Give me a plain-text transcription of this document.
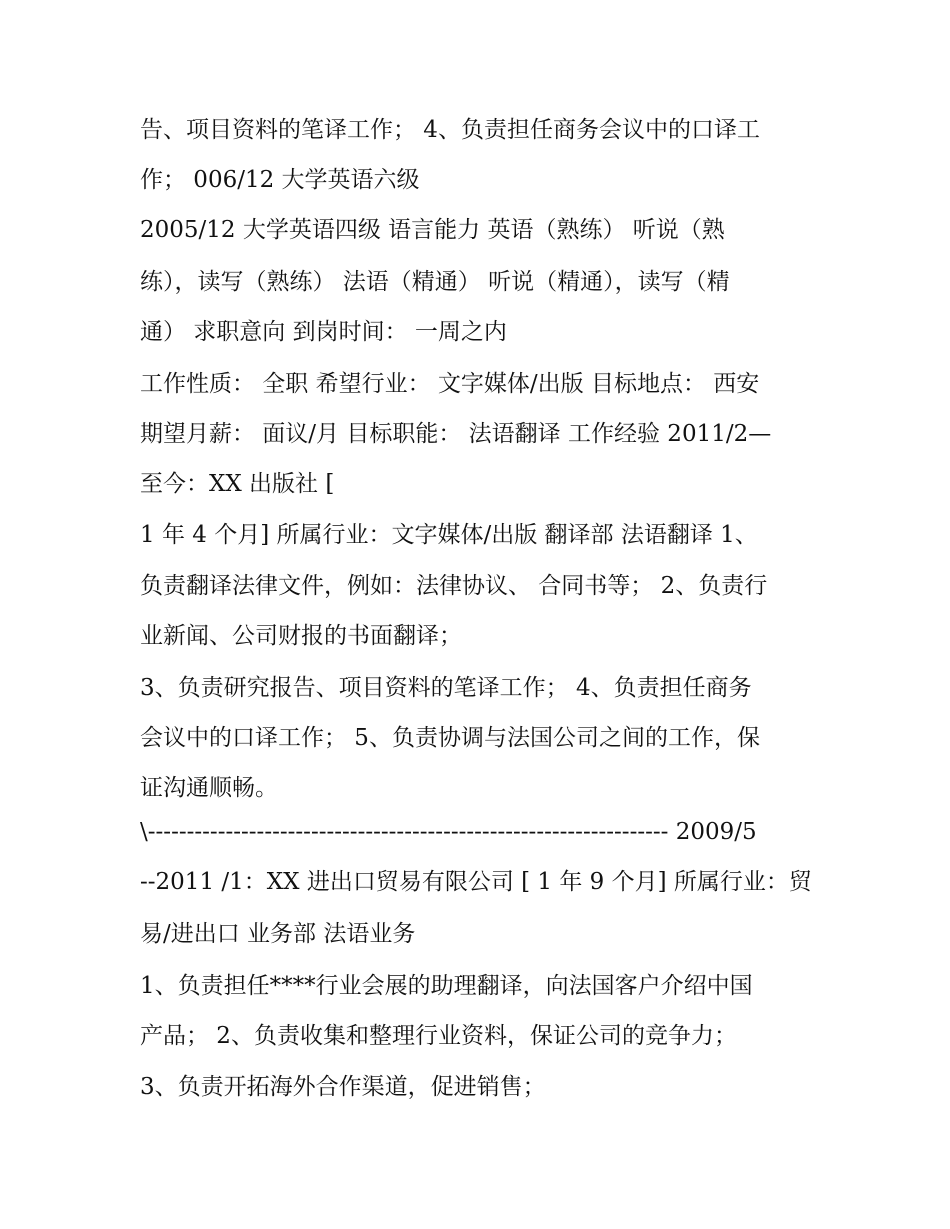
告、项目资料的笔译工作； 4、负责担任商务会议中的口译工
作； 006/12 大学英语六级
2005/12 大学英语四级 语言能力 英语（熟练） 听说（熟
练），读写（熟练） 法语（精通） 听说（精通），读写（精
通） 求职意向 到岗时间： 一周之内
工作性质： 全职 希望行业： 文字媒体/出版 目标地点： 西安
期望月薪： 面议/月 目标职能： 法语翻译 工作经验 2011/2—
至今：XX 出版社 [
1 年 4 个月] 所属行业：文字媒体/出版 翻译部 法语翻译 1、
负责翻译法律文件，例如：法律协议、 合同书等； 2、负责行
业新闻、公司财报的书面翻译；
3、负责研究报告、项目资料的笔译工作； 4、负责担任商务
会议中的口译工作； 5、负责协调与法国公司之间的工作，保
证沟通顺畅。
\------------------------------------------------------------------- 2009/5
--2011 /1：XX 进出口贸易有限公司 [ 1 年 9 个月] 所属行业：贸
易/进出口 业务部 法语业务
1、负责担任****行业会展的助理翻译，向法国客户介绍中国
产品； 2、负责收集和整理行业资料，保证公司的竞争力；
3、负责开拓海外合作渠道，促进销售；
